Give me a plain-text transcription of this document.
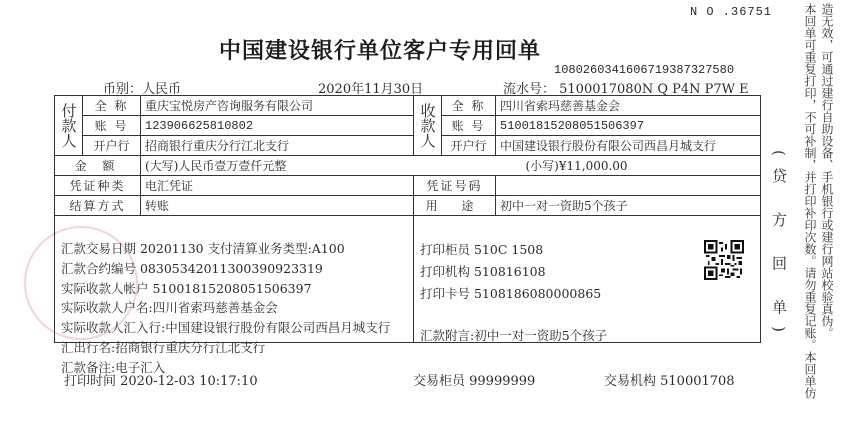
N O .36751
中国建设银行单位客户专用回单
1080260341606719387327580
币别：人民币	2020年11月30日	流水号： 5100017080N Q P4N P7W E
付款人	全 称	重庆宝悦房产咨询服务有限公司	收款人	全 称	四川省索玛慈善基金会
	账 号	123906625810802		账 号	51001815208051506397
	开户行	招商银行重庆分行江北支行		开户行	中国建设银行股份有限公司西昌月城支行
金 额		(大写)人民币壹万壹仟元整			(小写)¥11,000.00
凭证种类		电汇凭证	凭证号码		
结算方式		转账	用 途		初中一对一资助5个孩子

汇款交易日期 20201130 支付清算业务类型:A100
汇款合约编号 08305342011300390923319
实际收款人帐户 51001815208051506397
实际收款人户名:四川省索玛慈善基金会
实际收款人汇入行:中国建设银行股份有限公司西昌月城支行
汇出行名:招商银行重庆分行江北支行
汇款备注:电子汇入
打印柜员 510C 1508
打印机构 510816108
打印卡号 5108186080000865
汇款附言:初中一对一资助5个孩子	(贷 方 回 单)	造无效，可通过建行自助设备、手机银行或建行网站校验真伪。
本回单可重复打印，不可补制，并打印补印次数。请勿重复记账。本回单仿
打印时间 2020-12-03 10:17:10	交易柜员 99999999	交易机构 510001708
